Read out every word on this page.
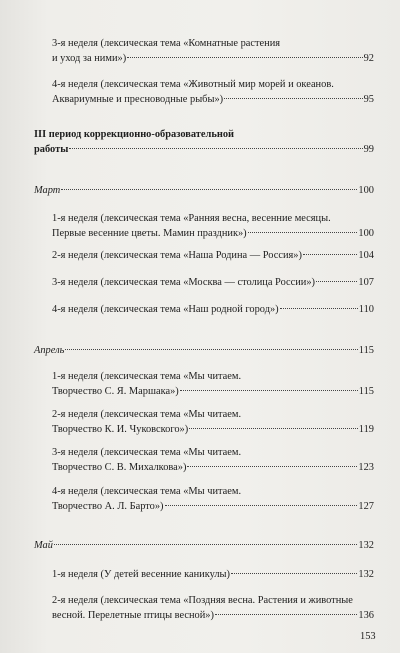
3-я неделя (лексическая тема «Комнатные растения
и уход за ними»)	92
4-я неделя (лексическая тема «Животный мир морей и океанов.
Аквариумные и пресноводные рыбы»)	95
III период коррекционно-образовательной
работы	99
Март	100
1-я неделя (лексическая тема «Ранняя весна, весенние месяцы.
Первые весенние цветы. Мамин праздник»)	100
2-я неделя (лексическая тема «Наша Родина — Россия»)	104
3-я неделя (лексическая тема «Москва — столица России»)	107
4-я неделя (лексическая тема «Наш родной город»)	110
Апрель	115
1-я неделя (лексическая тема «Мы читаем.
Творчество С. Я. Маршака»)	115
2-я неделя (лексическая тема «Мы читаем.
Творчество К. И. Чуковского»)	119
3-я неделя (лексическая тема «Мы читаем.
Творчество С. В. Михалкова»)	123
4-я неделя (лексическая тема «Мы читаем.
Творчество А. Л. Барто»)	127
Май	132
1-я неделя (У детей весенние каникулы)	132
2-я неделя (лексическая тема «Поздняя весна. Растения и животные
весной. Перелетные птицы весной»)	136
153
